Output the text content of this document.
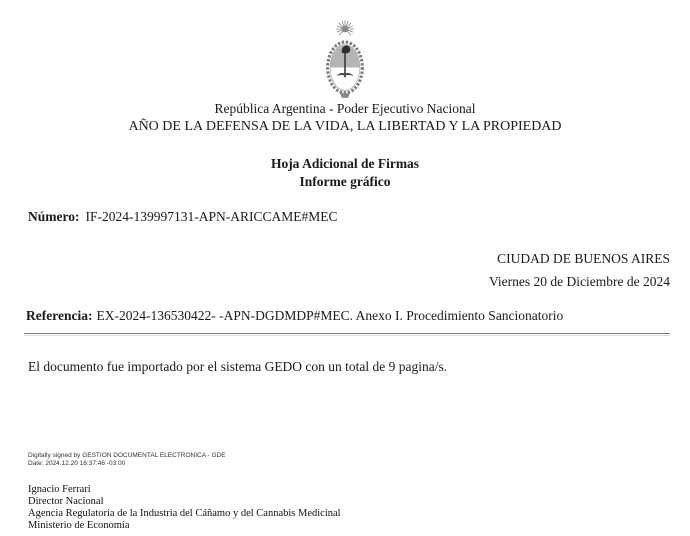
República Argentina - Poder Ejecutivo Nacional
AÑO DE LA DEFENSA DE LA VIDA, LA LIBERTAD Y LA PROPIEDAD
Hoja Adicional de Firmas
Informe gráfico
Número: IF-2024-139997131-APN-ARICCAME#MEC
CIUDAD DE BUENOS AIRES
Viernes 20 de Diciembre de 2024
Referencia: EX-2024-136530422- -APN-DGDMDP#MEC. Anexo I. Procedimiento Sancionatorio
El documento fue importado por el sistema GEDO con un total de 9 pagina/s.
Digitally signed by GESTION DOCUMENTAL ELECTRONICA - GDE
Date: 2024.12.20 16:37:46 -03:00
Ignacio Ferrari
Director Nacional
Agencia Regulatoria de la Industria del Cáñamo y del Cannabis Medicinal
Ministerio de Economía
